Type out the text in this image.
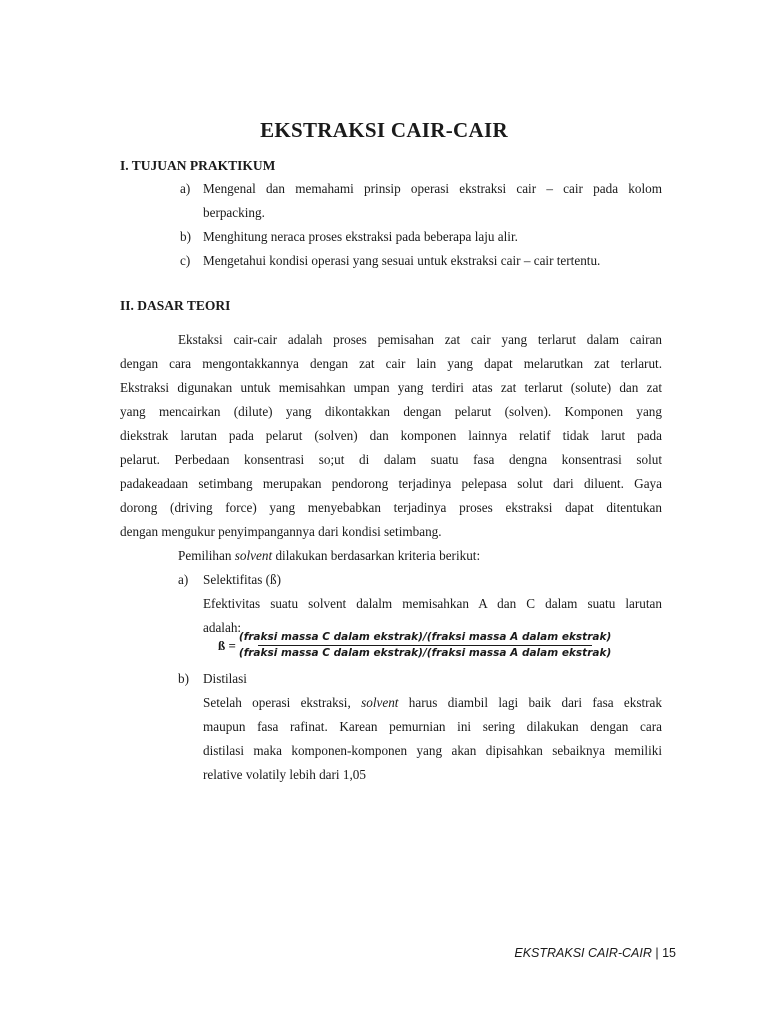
EKSTRAKSI CAIR-CAIR
I. TUJUAN PRAKTIKUM
a) Mengenal dan memahami prinsip operasi ekstraksi cair – cair pada kolom
berpacking.
b) Menghitung neraca proses ekstraksi pada beberapa laju alir.
c) Mengetahui kondisi operasi yang sesuai untuk ekstraksi cair – cair tertentu.
II. DASAR TEORI
Ekstaksi cair-cair adalah proses pemisahan zat cair yang terlarut dalam cairan
dengan cara mengontakkannya dengan zat cair lain yang dapat melarutkan zat terlarut.
Ekstraksi digunakan untuk memisahkan umpan yang terdiri atas zat terlarut (solute) dan zat
yang mencairkan (dilute) yang dikontakkan dengan pelarut (solven). Komponen yang
diekstrak larutan pada pelarut (solven) dan komponen lainnya relatif tidak larut pada
pelarut. Perbedaan konsentrasi so;ut di dalam suatu fasa dengna konsentrasi solut
padakeadaan setimbang merupakan pendorong terjadinya pelepasa solut dari diluent. Gaya
dorong (driving force) yang menyebabkan terjadinya proses ekstraksi dapat ditentukan
dengan mengukur penyimpangannya dari kondisi setimbang.
Pemilihan solvent dilakukan berdasarkan kriteria berikut:
a) Selektifitas (ß)
Efektivitas suatu solvent dalalm memisahkan A dan C dalam suatu larutan
adalah:
ß =
(fraksi massa C dalam ekstrak)/(fraksi massa A dalam ekstrak)
(fraksi massa C dalam ekstrak)/(fraksi massa A dalam ekstrak)
b) Distilasi
Setelah operasi ekstraksi, solvent harus diambil lagi baik dari fasa ekstrak
maupun fasa rafinat. Karean pemurnian ini sering dilakukan dengan cara
distilasi maka komponen-komponen yang akan dipisahkan sebaiknya memiliki
relative volatily lebih dari 1,05
EKSTRAKSI CAIR-CAIR | 15
